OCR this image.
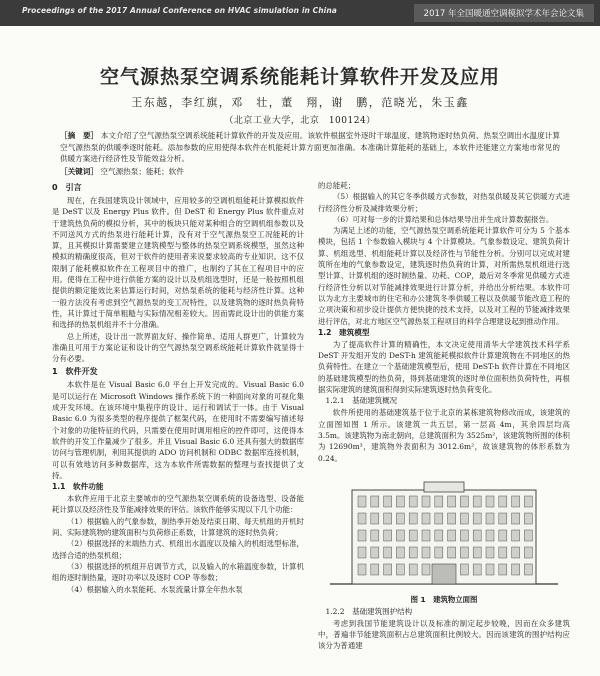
Proceedings of the 2017 Annual Conference on HVAC simulation in China	2017 年全国暖通空调模拟学术年会论文集
空气源热泵空调系统能耗计算软件开发及应用
王东越，李红旗，邓　壮，董　翔，谢　鹏，范晓光，朱玉鑫
（北京工业大学，北京　100124）
［摘　要］ 本文介绍了空气源热泵空调系统能耗计算软件的开发及应用。该软件根据室外逐时干球温度、建筑物逐时热负荷、热泵空调出水温度计算空气源热泵的供暖季逐时能耗。添加参数的应用使得本软件在机能耗计算方面更加准确。本准确计算能耗的基础上，本软件还能建立方案地市常见的供暖方案进行经济性及节能效益分析。
［关键词］ 空气源热泵；能耗；软件
0　引言

现在，在我国建筑设计领域中，应用较多的空调机组能耗计算模拟软件是 DeST 以及 Energy Plus 软件。但 DeST 和 Energy Plus 软件重点对于建筑热负荷的模拟分析，其中的板块只能对某种组合的空调机组参数以及不同送风方式的热泵进行能耗计算，没有对于空气源热泵空工况能耗的计算，且其模拟计算需要建立建筑模型与整体的热泵空调系统模型，虽然这种模拟的精确度很高，但对于软件的使用者来说要求较高的专业知识。这不仅限制了能耗模拟软件在工程项目中的推广，也制约了其在工程项目中的应用。使得在工程中进行供能方案的设计以及机组选型时，还是一般按照机组提供的额定能效比来估算运行时间，对热泵系统的能耗与经济性计算。这种一般方法没有考虑到空气源热泵的变工况特性，以及建筑物的逐时热负荷特性，其计算过于简单粗糙与实际情况相差较大。因而需此设计出的供能方案和选择的热泵机组并不十分准确。

总上所述，设计出一款界面友好、操作简单、适用人群更广，计算较为准确且可用于方案论证和设计的空气源热泵空调系统能耗计算软件就显得十分有必要。

1　软件开发

本软件是在 Visual Basic 6.0 平台上开发完成的。Visual Basic 6.0 是可以运行在 Microsoft Windows 操作系统下的一种面向对象的可视化集成开发环境。在该环境中集程序的设计、运行和调试于一体。由于 Visual Basic 6.0 为很多类型的程序提供了框架代码，在使用时不需要编写描述每个对象的功能特征的代码，只需要在使用时调用相应的控件即可，这使得本软件的开发工作量减少了很多。并且 Visual Basic 6.0 还具有强大的数据库访问与管理机制，利用其提供的 ADO 访问机制和 ODBC 数据库连接机制，可以有效地访问多种数据库，这为本软件所需数据的整理与查找提供了支持。

1.1　软件功能

本软件应用于北京主要城市的空气源热泵空调系统的设备选型、设备能耗计算以及经济性及节能减排效果的评估。该软件能够实现以下几个功能：

（1）根据输入的气象参数，制热季开始及结束日期、每天机组的开机时间、实际建筑物的建筑面积与负荷修正系数，计算建筑的逐时热负荷；

（2）根据选择的末端热力式、机组出水温度以及输入的机组选型标准，选择合适的热泵机组；

（3）根据选择的机组开启调节方式，以及输入的水箱温度参数，计算机组的逐时制热量，逐时功率以及逐时 COP 等参数；

（4）根据输入的水泵能耗、水泵流量计算全年热水泵

的总能耗；

（5）根据输入的其它冬季供暖方式参数，对热泵供暖及其它供暖方式进行经济性分析及减排效果分析；

（6）可对每一步的计算结果和总体结果导出并生成计算数据报告。

为满足上述的功能，空气源热泵空调系统能耗计算软件可分为 5 个基本模块，包括 1 个参数输入模块与 4 个计算模块。气象参数设定、建筑负荷计算、机组选型、机组能耗计算以及经济性与节能性分析。分别可以完成对建筑所在地的气象参数设定，建筑逐时热负荷的计算，对所需热泵机组进行选型计算、计算机组的逐时制热量、功耗、COP，最后对冬季常见供暖方式进行经济性分析以对节能减排效果进行计算分析，并给出分析结果。本软件可以为北方主要城市的住宅和办公建筑冬季供暖工程以及供暖节能改造工程的立项决策和初步设计提供方便快捷的技术支持，以及对工程的节能减排效果进行评估，对北方地区空气源热泵工程项目的科学合理建设起到推动作用。

1.2　建筑模型

为了提高软件计算的精确性，本文决定使用清华大学建筑技术科学系 DeST 开发组开发的 DeST-h 建筑能耗模拟软件计算建筑物在不同地区的热负荷特性。在建立一个基础建筑模型后，使用 DeST-h 软件计算在不同地区的基础建筑模型的热负荷，得到基础建筑的逐时单位面积热负荷特性，再根据实际建筑的建筑面积得到实际建筑逐时热负荷变化。

1.2.1　基础建筑概况

软件所使用的基础建筑基于位于北京的某栋建筑物修改而成，该建筑的立面图如图 1 所示。该建筑一共五层，第一层高 4m，其余四层均高 3.5m。该建筑物为南北朝向，总建筑面积为 3525m²，该建筑物所围的体积为 12690m³，建筑物外表面积为 3012.6m²，故该建筑物的体形系数为 0.24。

图 1　建筑物立面图
1.2.2　基础建筑围护结构

考虑到我国节能建筑设计以及标准的制定起步较晚，因而在众多建筑中，普遍非节能建筑面积占总建筑面积比例较大。因而该建筑的围护结构应该分为普通建
